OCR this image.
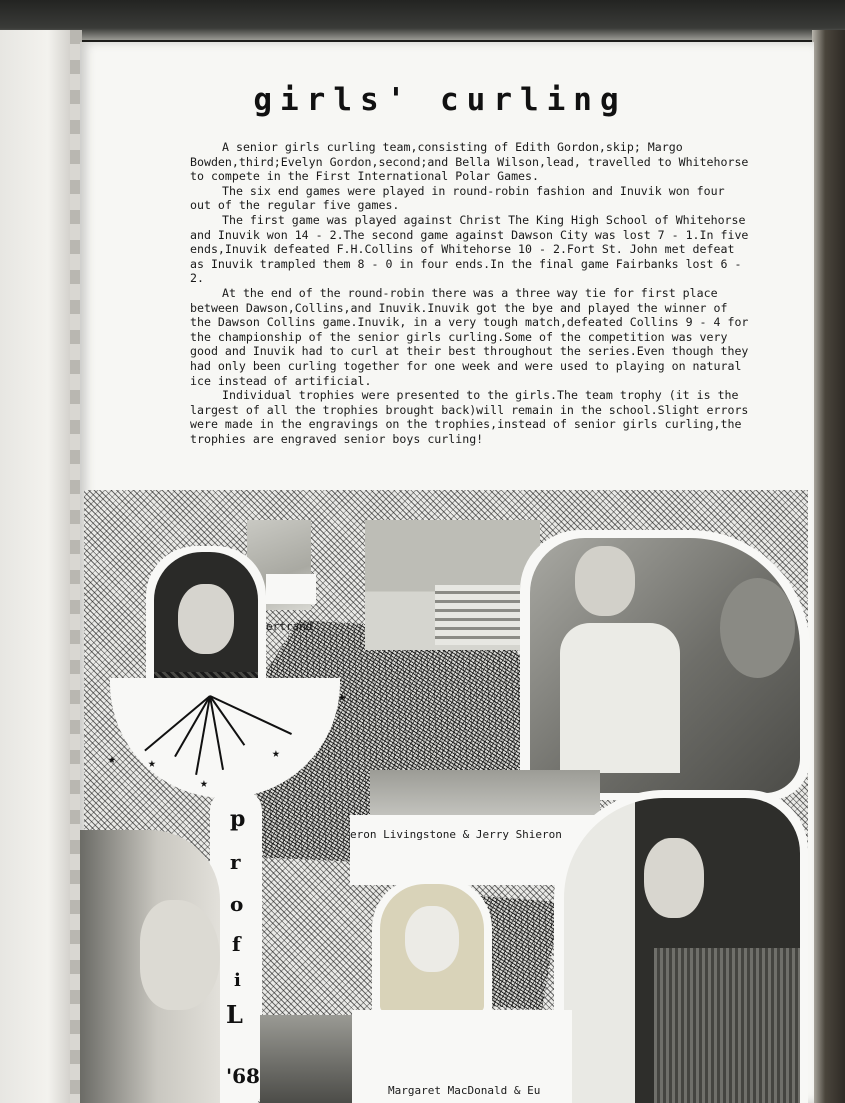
girls' curling

A senior girls curling team,consisting of Edith Gordon,skip; Margo Bowden,third;Evelyn Gordon,second;and Bella Wilson,lead, travelled to Whitehorse to compete in the First International Polar Games.

The six end games were played in round-robin fashion and Inuvik won four out of the regular five games.

The first game was played against Christ The King High School of Whitehorse and Inuvik won 14 - 2.The second game against Dawson City was lost 7 - 1.In five ends,Inuvik defeated F.H.Collins of Whitehorse 10 - 2.Fort St. John met defeat as Inuvik trampled them 8 - 0 in four ends.In the final game Fairbanks lost 6 - 2.

At the end of the round-robin there was a three way tie for first place between Dawson,Collins,and Inuvik.Inuvik got the bye and played the winner of the Dawson Collins game.Inuvik, in a very tough match,defeated Collins 9 - 4 for the championship of the senior girls curling.Some of the competition was very good and Inuvik had to curl at their best throughout the series.Even though they had only been curling together for one week and were used to playing on natural ice instead of artificial.

Individual trophies were presented to the girls.The team trophy (it is the largest of all the trophies brought back)will remain in the school.Slight errors were made in the engravings on the trophies,instead of senior girls curling,the trophies are engraved senior boys curling!

ertrand
★ ★
★
★
★
eron Livingstone & Jerry Shieron
p
r
o
f
i
L
'68
Margaret MacDonald & Eu
